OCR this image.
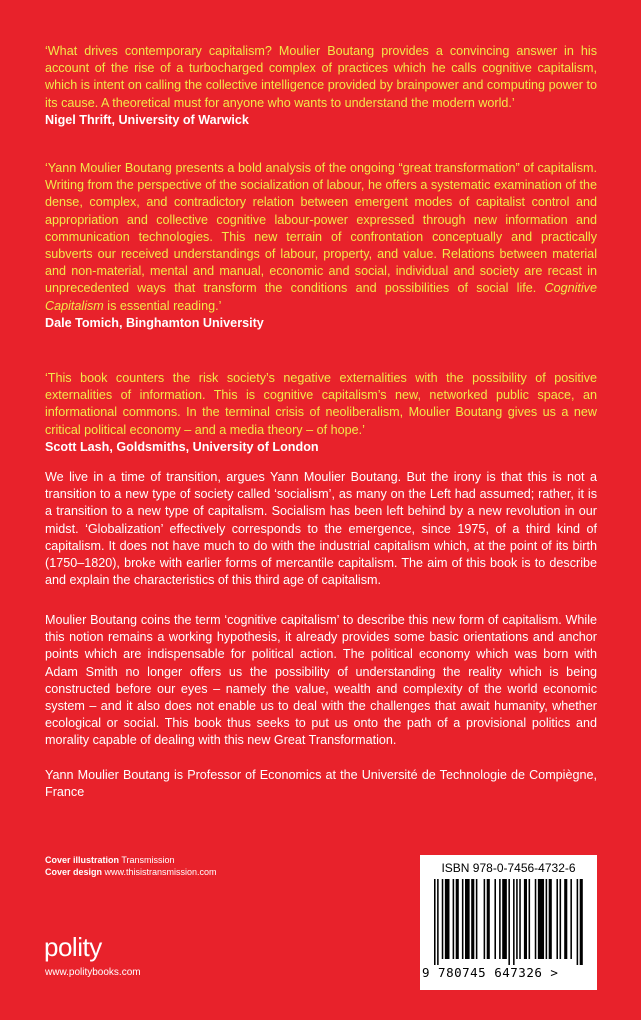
‘What drives contemporary capitalism? Moulier Boutang provides a convincing answer in his account of the rise of a turbocharged complex of practices which he calls cognitive capitalism, which is intent on calling the collective intelligence provided by brainpower and computing power to its cause. A theoretical must for anyone who wants to understand the modern world.’

Nigel Thrift, University of Warwick

‘Yann Moulier Boutang presents a bold analysis of the ongoing “great transformation” of capitalism. Writing from the perspective of the socialization of labour, he offers a systematic examination of the dense, complex, and contradictory relation between emergent modes of capitalist control and appropriation and collective cognitive labour-power expressed through new information and communication technologies. This new terrain of confrontation conceptually and practically subverts our received understandings of labour, property, and value. Relations between material and non-material, mental and manual, economic and social, individual and society are recast in unprecedented ways that transform the conditions and possibilities of social life. Cognitive Capitalism is essential reading.’

Dale Tomich, Binghamton University

‘This book counters the risk society’s negative externalities with the possibility of positive externalities of information. This is cognitive capitalism’s new, networked public space, an informational commons. In the terminal crisis of neoliberalism, Moulier Boutang gives us a new critical political economy – and a media theory – of hope.’

Scott Lash, Goldsmiths, University of London

We live in a time of transition, argues Yann Moulier Boutang. But the irony is that this is not a transition to a new type of society called ‘socialism’, as many on the Left had assumed; rather, it is a transition to a new type of capitalism. Socialism has been left behind by a new revolution in our midst. ‘Globalization’ effectively corresponds to the emergence, since 1975, of a third kind of capitalism. It does not have much to do with the industrial capitalism which, at the point of its birth (1750–1820), broke with earlier forms of mercantile capitalism. The aim of this book is to describe and explain the characteristics of this third age of capitalism.

Moulier Boutang coins the term ‘cognitive capitalism’ to describe this new form of capitalism. While this notion remains a working hypothesis, it already provides some basic orientations and anchor points which are indispensable for political action. The political economy which was born with Adam Smith no longer offers us the possibility of understanding the reality which is being constructed before our eyes – namely the value, wealth and complexity of the world economic system – and it also does not enable us to deal with the challenges that await humanity, whether ecological or social. This book thus seeks to put us onto the path of a provisional politics and morality capable of dealing with this new Great Transformation.

Yann Moulier Boutang is Professor of Economics at the Université de Technologie de Compiègne, France

Cover illustration Transmission
Cover design www.thisistransmission.com
polity
www.politybooks.com
ISBN 978-0-7456-4732-6
9 780745 647326 >
